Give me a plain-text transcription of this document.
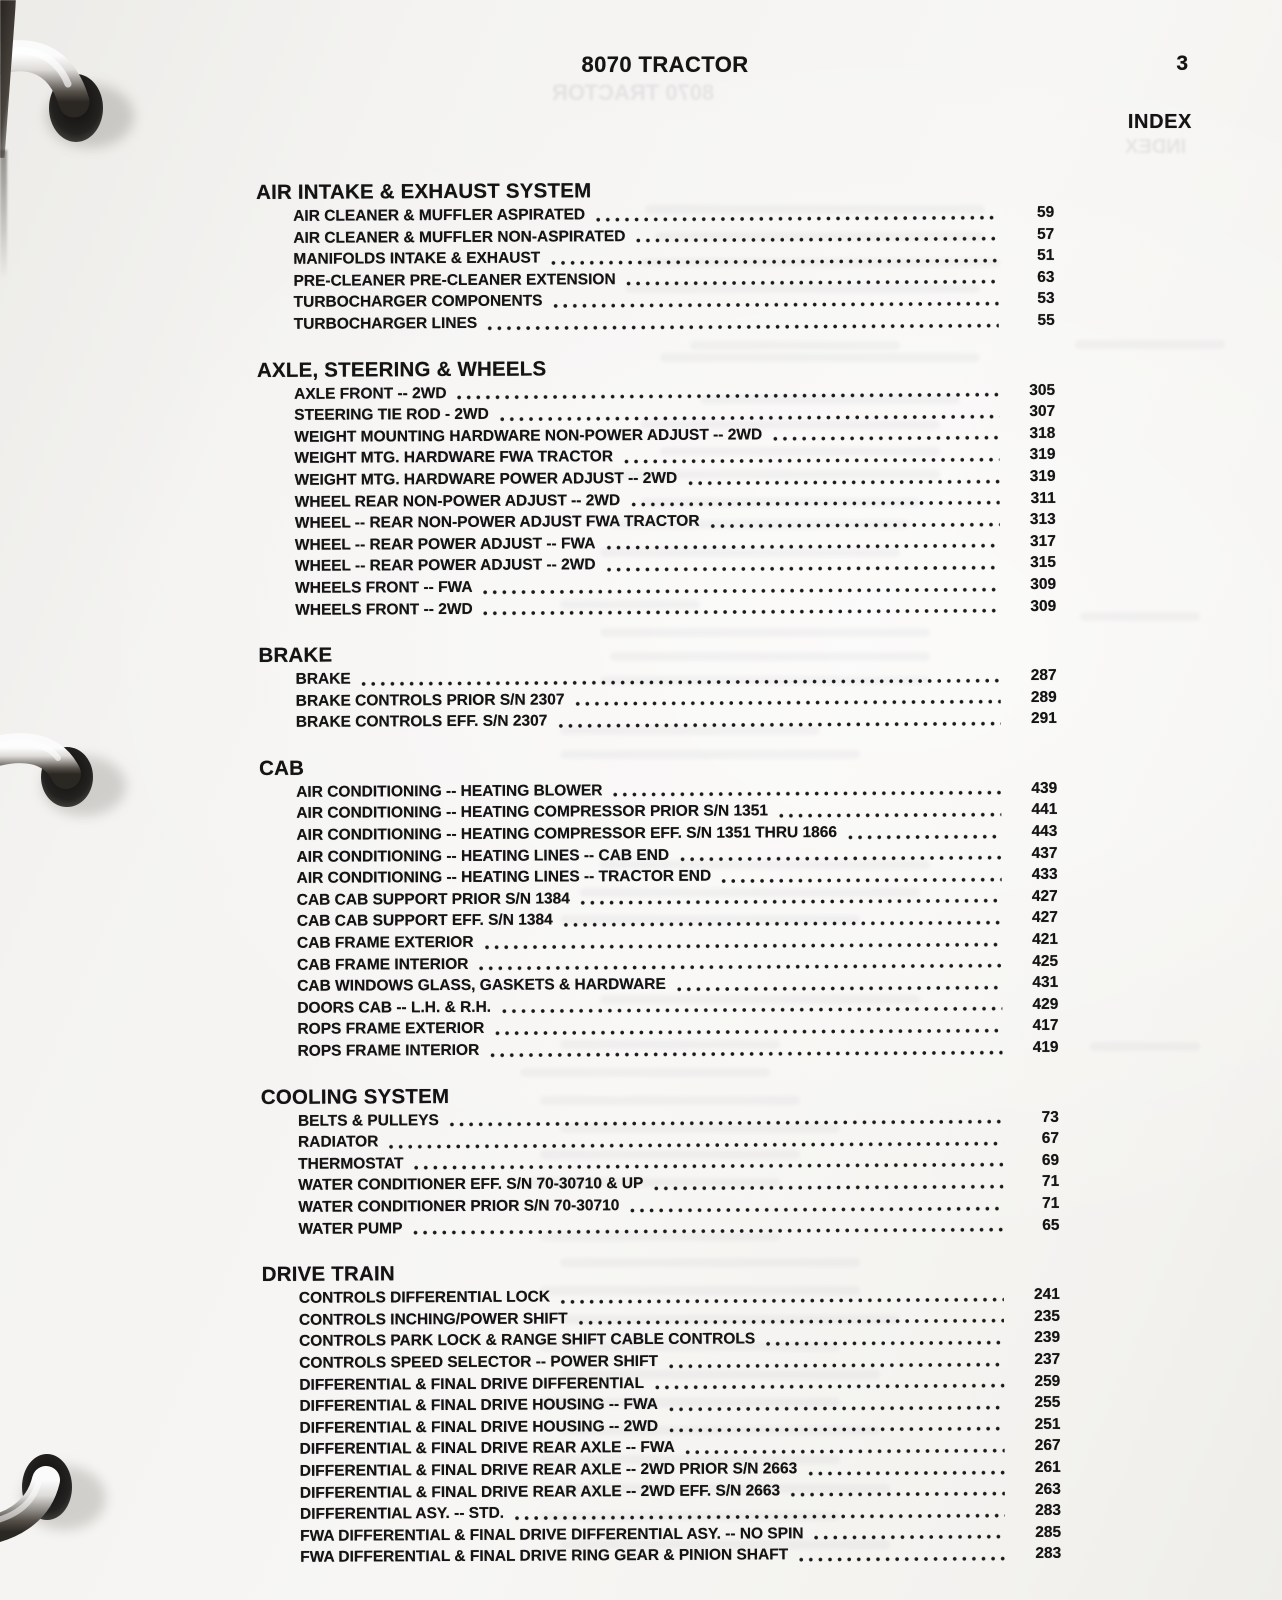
8070 TRACTOR
INDEX
8070 TRACTOR	3
INDEX
AIR INTAKE & EXHAUST SYSTEM
AIR CLEANER & MUFFLER ASPIRATED	59
AIR CLEANER & MUFFLER NON-ASPIRATED	57
MANIFOLDS INTAKE & EXHAUST	51
PRE-CLEANER PRE-CLEANER EXTENSION	63
TURBOCHARGER COMPONENTS	53
TURBOCHARGER LINES	55
AXLE, STEERING & WHEELS
AXLE FRONT -- 2WD	305
STEERING TIE ROD - 2WD	307
WEIGHT MOUNTING HARDWARE NON-POWER ADJUST -- 2WD	318
WEIGHT MTG. HARDWARE FWA TRACTOR	319
WEIGHT MTG. HARDWARE POWER ADJUST -- 2WD	319
WHEEL REAR NON-POWER ADJUST -- 2WD	311
WHEEL -- REAR NON-POWER ADJUST FWA TRACTOR	313
WHEEL -- REAR POWER ADJUST -- FWA	317
WHEEL -- REAR POWER ADJUST -- 2WD	315
WHEELS FRONT -- FWA	309
WHEELS FRONT -- 2WD	309
BRAKE
BRAKE	287
BRAKE CONTROLS PRIOR S/N 2307	289
BRAKE CONTROLS EFF. S/N 2307	291
CAB
AIR CONDITIONING -- HEATING BLOWER	439
AIR CONDITIONING -- HEATING COMPRESSOR PRIOR S/N 1351	441
AIR CONDITIONING -- HEATING COMPRESSOR EFF. S/N 1351 THRU 1866	443
AIR CONDITIONING -- HEATING LINES -- CAB END	437
AIR CONDITIONING -- HEATING LINES -- TRACTOR END	433
CAB CAB SUPPORT PRIOR S/N 1384	427
CAB CAB SUPPORT EFF. S/N 1384	427
CAB FRAME EXTERIOR	421
CAB FRAME INTERIOR	425
CAB WINDOWS GLASS, GASKETS & HARDWARE	431
DOORS CAB -- L.H. & R.H.	429
ROPS FRAME EXTERIOR	417
ROPS FRAME INTERIOR	419
COOLING SYSTEM
BELTS & PULLEYS	73
RADIATOR	67
THERMOSTAT	69
WATER CONDITIONER EFF. S/N 70-30710 & UP	71
WATER CONDITIONER PRIOR S/N 70-30710	71
WATER PUMP	65
DRIVE TRAIN
CONTROLS DIFFERENTIAL LOCK	241
CONTROLS INCHING/POWER SHIFT	235
CONTROLS PARK LOCK & RANGE SHIFT CABLE CONTROLS	239
CONTROLS SPEED SELECTOR -- POWER SHIFT	237
DIFFERENTIAL & FINAL DRIVE DIFFERENTIAL	259
DIFFERENTIAL & FINAL DRIVE HOUSING -- FWA	255
DIFFERENTIAL & FINAL DRIVE HOUSING -- 2WD	251
DIFFERENTIAL & FINAL DRIVE REAR AXLE -- FWA	267
DIFFERENTIAL & FINAL DRIVE REAR AXLE -- 2WD PRIOR S/N 2663	261
DIFFERENTIAL & FINAL DRIVE REAR AXLE -- 2WD EFF. S/N 2663	263
DIFFERENTIAL ASY. -- STD.	283
FWA DIFFERENTIAL & FINAL DRIVE DIFFERENTIAL ASY. -- NO SPIN	285
FWA DIFFERENTIAL & FINAL DRIVE RING GEAR & PINION SHAFT	283
